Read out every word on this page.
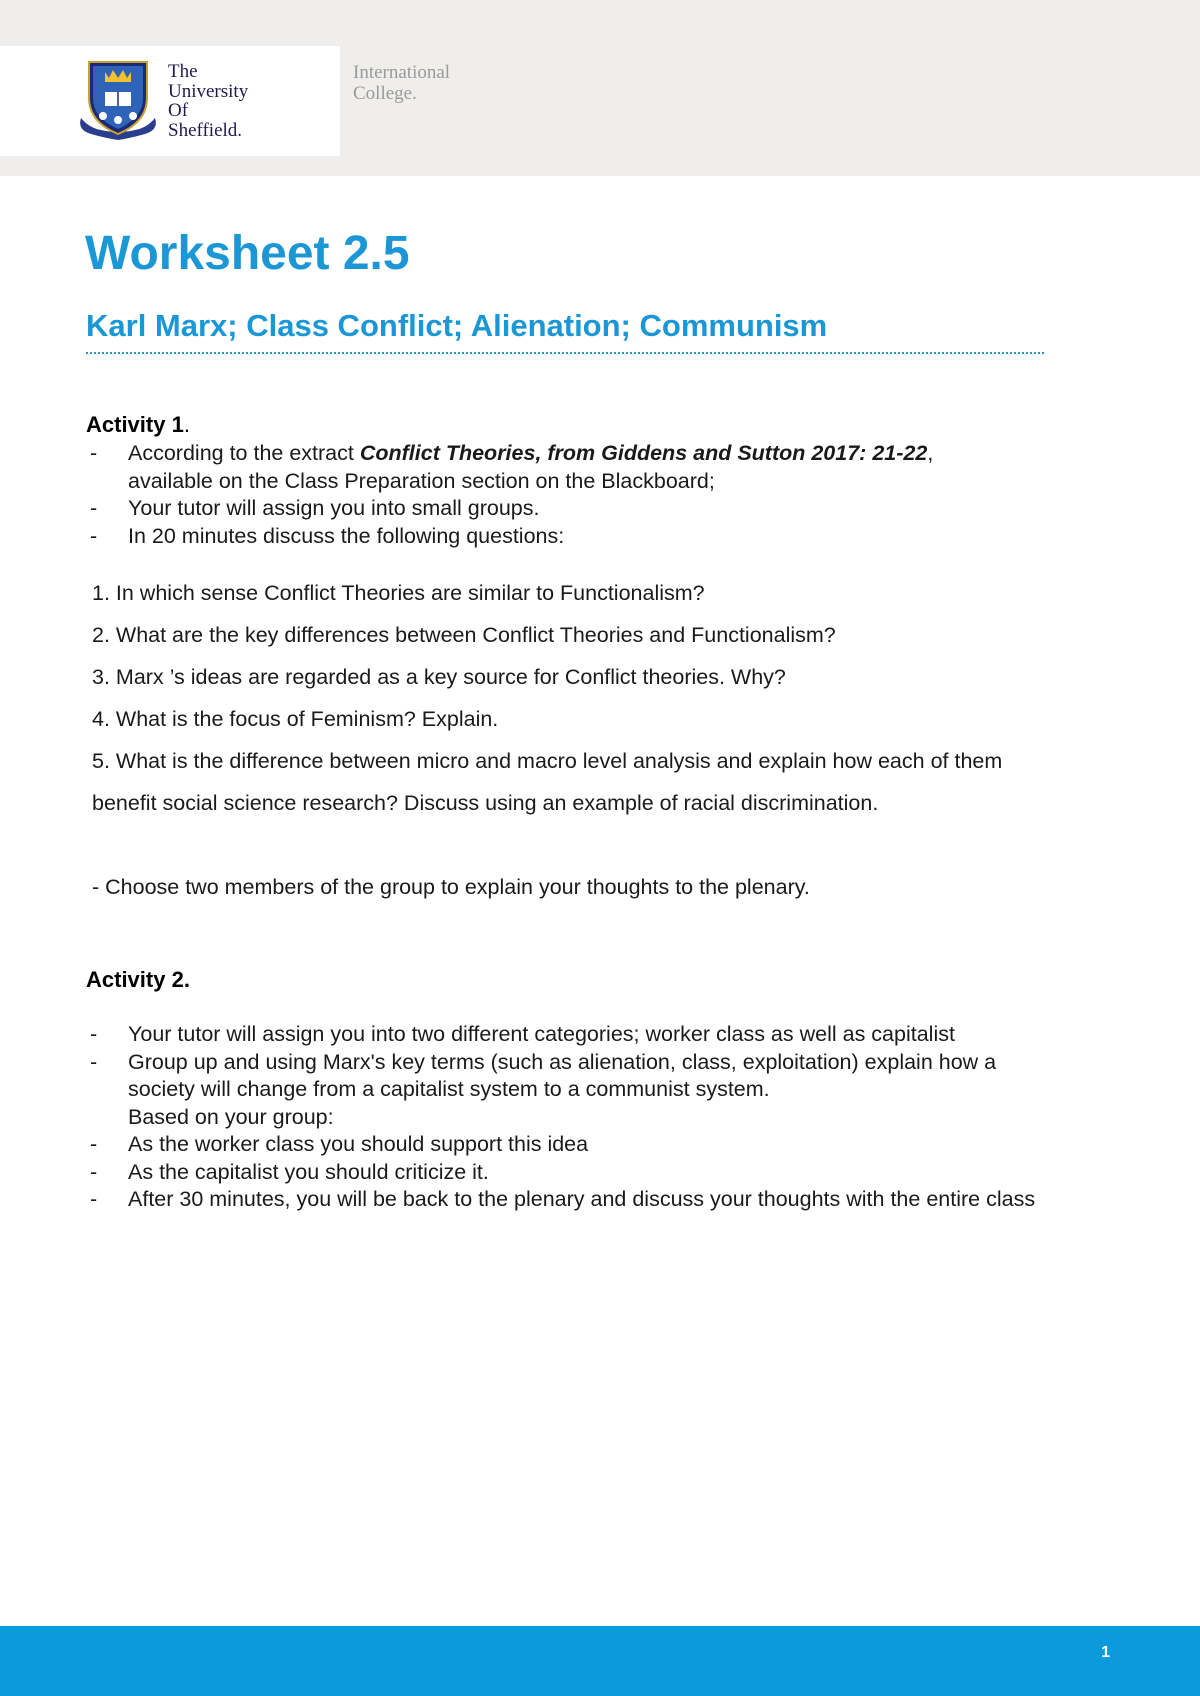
The
University
Of
Sheffield.
International
College.
Worksheet 2.5
Karl Marx; Class Conflict; Alienation; Communism
Activity 1.
- According to the extract Conflict Theories, from Giddens and Sutton 2017: 21-22,
available on the Class Preparation section on the Blackboard;
- Your tutor will assign you into small groups.
- In 20 minutes discuss the following questions:

1. In which sense Conflict Theories are similar to Functionalism?

2. What are the key differences between Conflict Theories and Functionalism?

3. Marx ’s ideas are regarded as a key source for Conflict theories. Why?

4. What is the focus of Feminism? Explain.

5. What is the difference between micro and macro level analysis and explain how each of them benefit social science research? Discuss using an example of racial discrimination.

- Choose two members of the group to explain your thoughts to the plenary.

Activity 2.
- Your tutor will assign you into two different categories; worker class as well as capitalist
- Group up and using Marx's key terms (such as alienation, class, exploitation) explain how a society will change from a capitalist system to a communist system.
Based on your group:
- As the worker class you should support this idea
- As the capitalist you should criticize it.
- After 30 minutes, you will be back to the plenary and discuss your thoughts with the entire class
1
